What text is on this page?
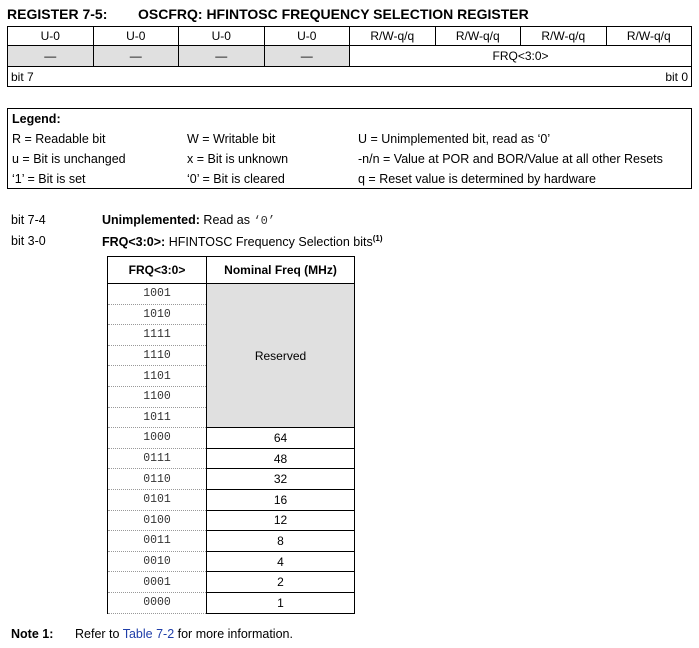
REGISTER 7-5: OSCFRQ: HFINTOSC FREQUENCY SELECTION REGISTER
U-0	U-0	U-0	U-0	R/W-q/q	R/W-q/q	R/W-q/q	R/W-q/q
—	—	—	—	FRQ<3:0>			
bit 7				bit 0			
Legend:
R = Readable bit	W = Writable bit	U = Unimplemented bit, read as ‘0’
u = Bit is unchanged	x = Bit is unknown	-n/n = Value at POR and BOR/Value at all other Resets
‘1’ = Bit is set	‘0’ = Bit is cleared	q = Reset value is determined by hardware
bit 7-4	Unimplemented: Read as ‘0’
bit 3-0	FRQ<3:0>: HFINTOSC Frequency Selection bits$^{(1)}$
FRQ<3:0>	Nominal Freq (MHz)
1001	Reserved
1010	
1111	
1110	
1101	
1100	
1011	
1000	64
0111	48
0110	32
0101	16
0100	12
0011	8
0010	4
0001	2
0000	1
Note 1: Refer to Table 7-2 for more information.
